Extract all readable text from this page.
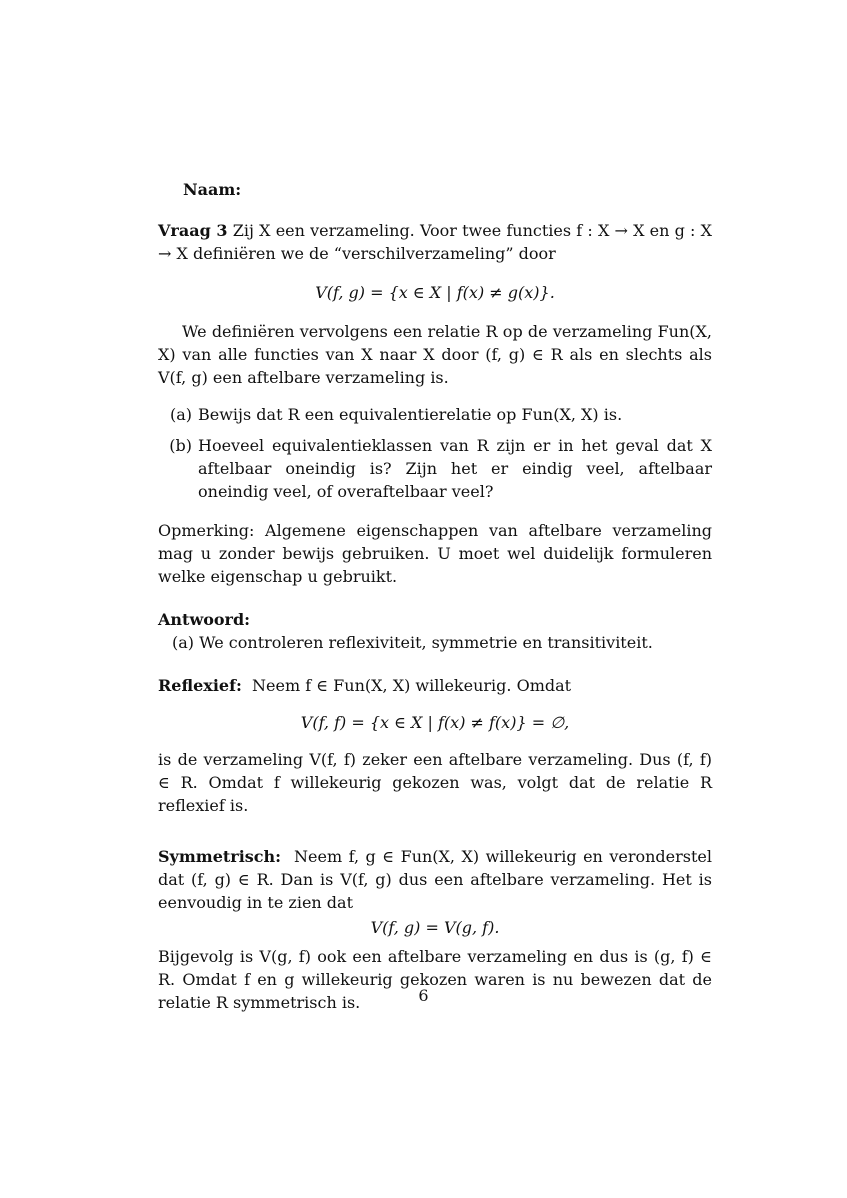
Naam:

Vraag 3 Zij X een verzameling. Voor twee functies f : X → X en g : X → X definiëren we de “verschilverzameling” door

V(f, g) = {x ∈ X | f(x) ≠ g(x)}.

We definiëren vervolgens een relatie R op de verzameling Fun(X, X) van alle functies van X naar X door (f, g) ∈ R als en slechts als V(f, g) een aftelbare verzameling is.

(a) Bewijs dat R een equivalentierelatie op Fun(X, X) is.
(b) Hoeveel equivalentieklassen van R zijn er in het geval dat X aftelbaar oneindig is? Zijn het er eindig veel, aftelbaar oneindig veel, of overaftelbaar veel?

Opmerking: Algemene eigenschappen van aftelbare verzameling mag u zonder bewijs gebruiken. U moet wel duidelijk formuleren welke eigenschap u gebruikt.

Antwoord:
(a) We controleren reflexiviteit, symmetrie en transitiviteit.

Reflexief: Neem f ∈ Fun(X, X) willekeurig. Omdat

V(f, f) = {x ∈ X | f(x) ≠ f(x)} = ∅,

is de verzameling V(f, f) zeker een aftelbare verzameling. Dus (f, f) ∈ R. Omdat f willekeurig gekozen was, volgt dat de relatie R reflexief is.

Symmetrisch: Neem f, g ∈ Fun(X, X) willekeurig en veronderstel dat (f, g) ∈ R. Dan is V(f, g) dus een aftelbare verzameling. Het is eenvoudig in te zien dat

V(f, g) = V(g, f).

Bijgevolg is V(g, f) ook een aftelbare verzameling en dus is (g, f) ∈ R. Omdat f en g willekeurig gekozen waren is nu bewezen dat de relatie R symmetrisch is.	6
